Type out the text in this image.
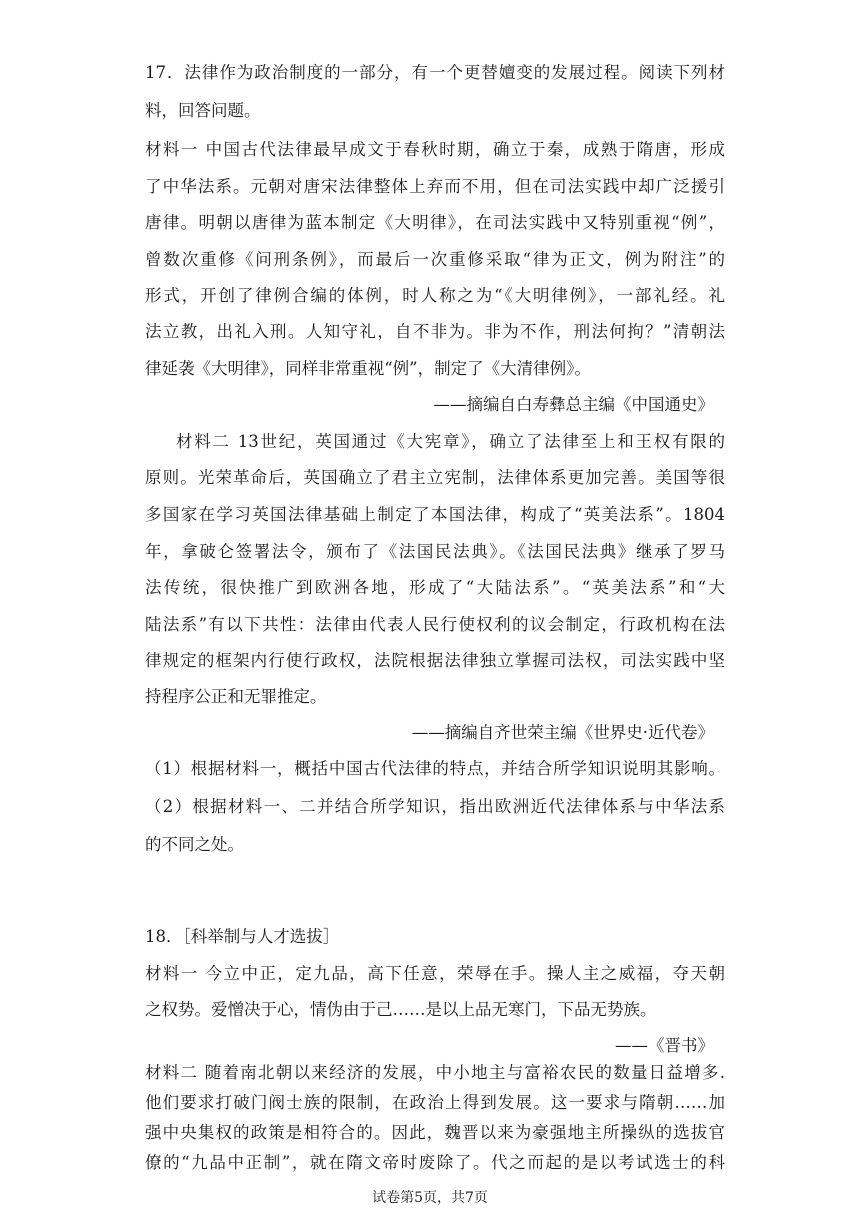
17．法律作为政治制度的一部分，有一个更替嬗变的发展过程。阅读下列材
料，回答问题。
材料一 中国古代法律最早成文于春秋时期，确立于秦，成熟于隋唐，形成
了中华法系。元朝对唐宋法律整体上弃而不用，但在司法实践中却广泛援引
唐律。明朝以唐律为蓝本制定《大明律》，在司法实践中又特别重视“例”，
曾数次重修《问刑条例》，而最后一次重修采取“律为正文，例为附注”的
形式，开创了律例合编的体例，时人称之为“《大明律例》，一部礼经。礼
法立教，出礼入刑。人知守礼，自不非为。非为不作，刑法何拘？”清朝法
律延袭《大明律》，同样非常重视“例”，制定了《大清律例》。
——摘编自白寿彝总主编《中国通史》
材料二 13世纪，英国通过《大宪章》，确立了法律至上和王权有限的
原则。光荣革命后，英国确立了君主立宪制，法律体系更加完善。美国等很
多国家在学习英国法律基础上制定了本国法律，构成了“英美法系”。1804
年，拿破仑签署法令，颁布了《法国民法典》。《法国民法典》继承了罗马
法传统，很快推广到欧洲各地，形成了“大陆法系”。“英美法系”和“大
陆法系”有以下共性：法律由代表人民行使权利的议会制定，行政机构在法
律规定的框架内行使行政权，法院根据法律独立掌握司法权，司法实践中坚
持程序公正和无罪推定。
——摘编自齐世荣主编《世界史·近代卷》
（1）根据材料一，概括中国古代法律的特点，并结合所学知识说明其影响。
（2）根据材料一、二并结合所学知识，指出欧洲近代法律体系与中华法系
的不同之处。
18．［科举制与人才选拔］
材料一 今立中正，定九品，高下任意，荣辱在手。操人主之威福，夺天朝
之权势。爱憎决于心，情伪由于己……是以上品无寒门，下品无势族。
——《晋书》
材料二 随着南北朝以来经济的发展，中小地主与富裕农民的数量日益增多.
他们要求打破门阀士族的限制，在政治上得到发展。这一要求与隋朝……加
强中央集权的政策是相符合的。因此，魏晋以来为豪强地主所操纵的选拔官
试卷第5页，共7页
僚的“九品中正制”，就在隋文帝时废除了。代之而起的是以考试选士的科
